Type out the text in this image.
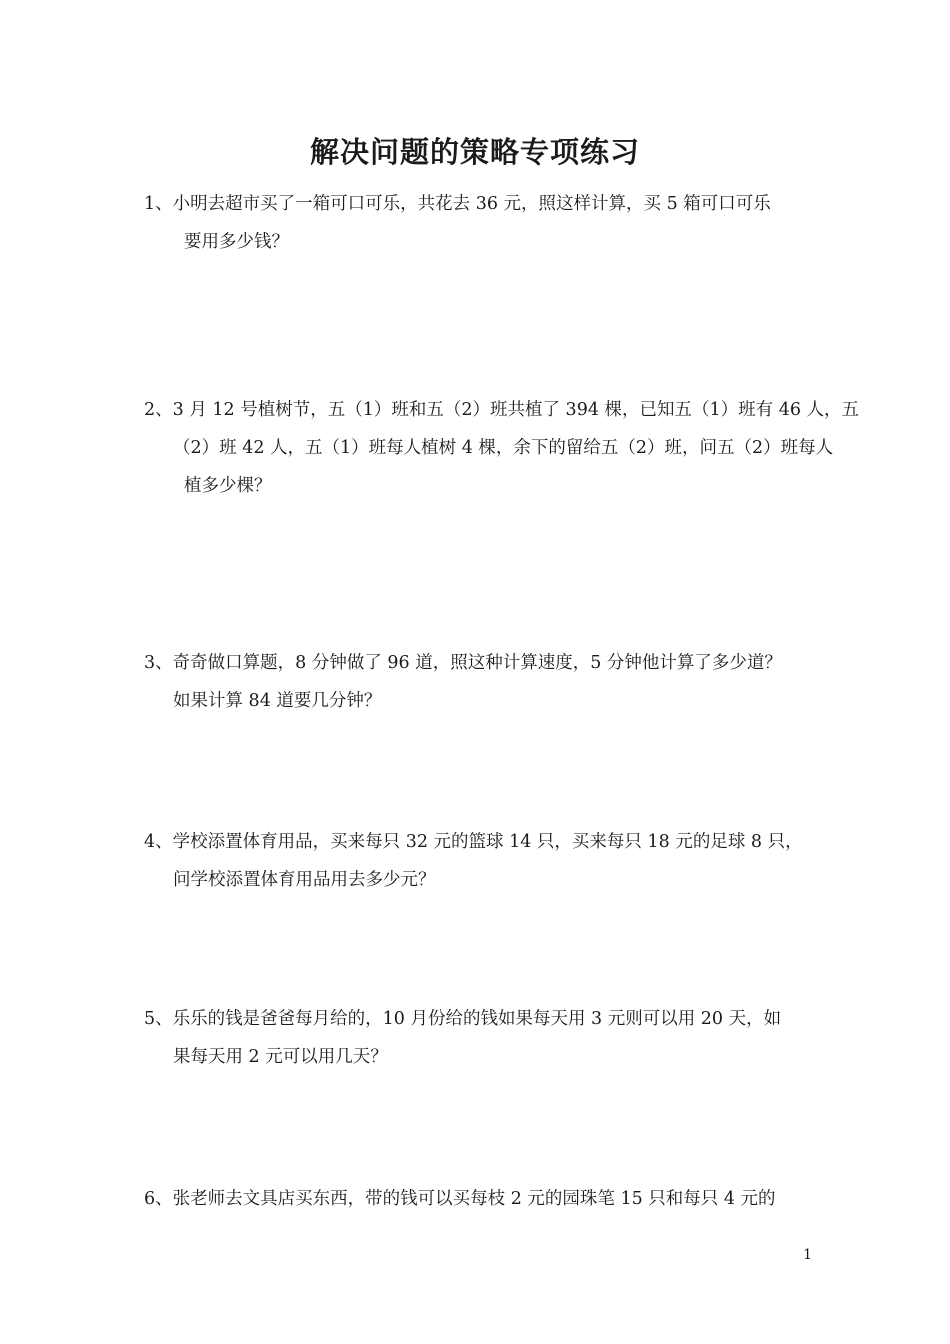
解决问题的策略专项练习
1、小明去超市买了一箱可口可乐，共花去 36 元，照这样计算，买 5 箱可口可乐
要用多少钱？
2、3 月 12 号植树节，五（1）班和五（2）班共植了 394 棵，已知五（1）班有 46 人，五
（2）班 42 人，五（1）班每人植树 4 棵，余下的留给五（2）班，问五（2）班每人
植多少棵？
3、奇奇做口算题，8 分钟做了 96 道，照这种计算速度，5 分钟他计算了多少道？
如果计算 84 道要几分钟？
4、学校添置体育用品，买来每只 32 元的篮球 14 只，买来每只 18 元的足球 8 只，
问学校添置体育用品用去多少元？
5、乐乐的钱是爸爸每月给的，10 月份给的钱如果每天用 3 元则可以用 20 天，如
果每天用 2 元可以用几天？
6、张老师去文具店买东西，带的钱可以买每枝 2 元的园珠笔 15 只和每只 4 元的
1
